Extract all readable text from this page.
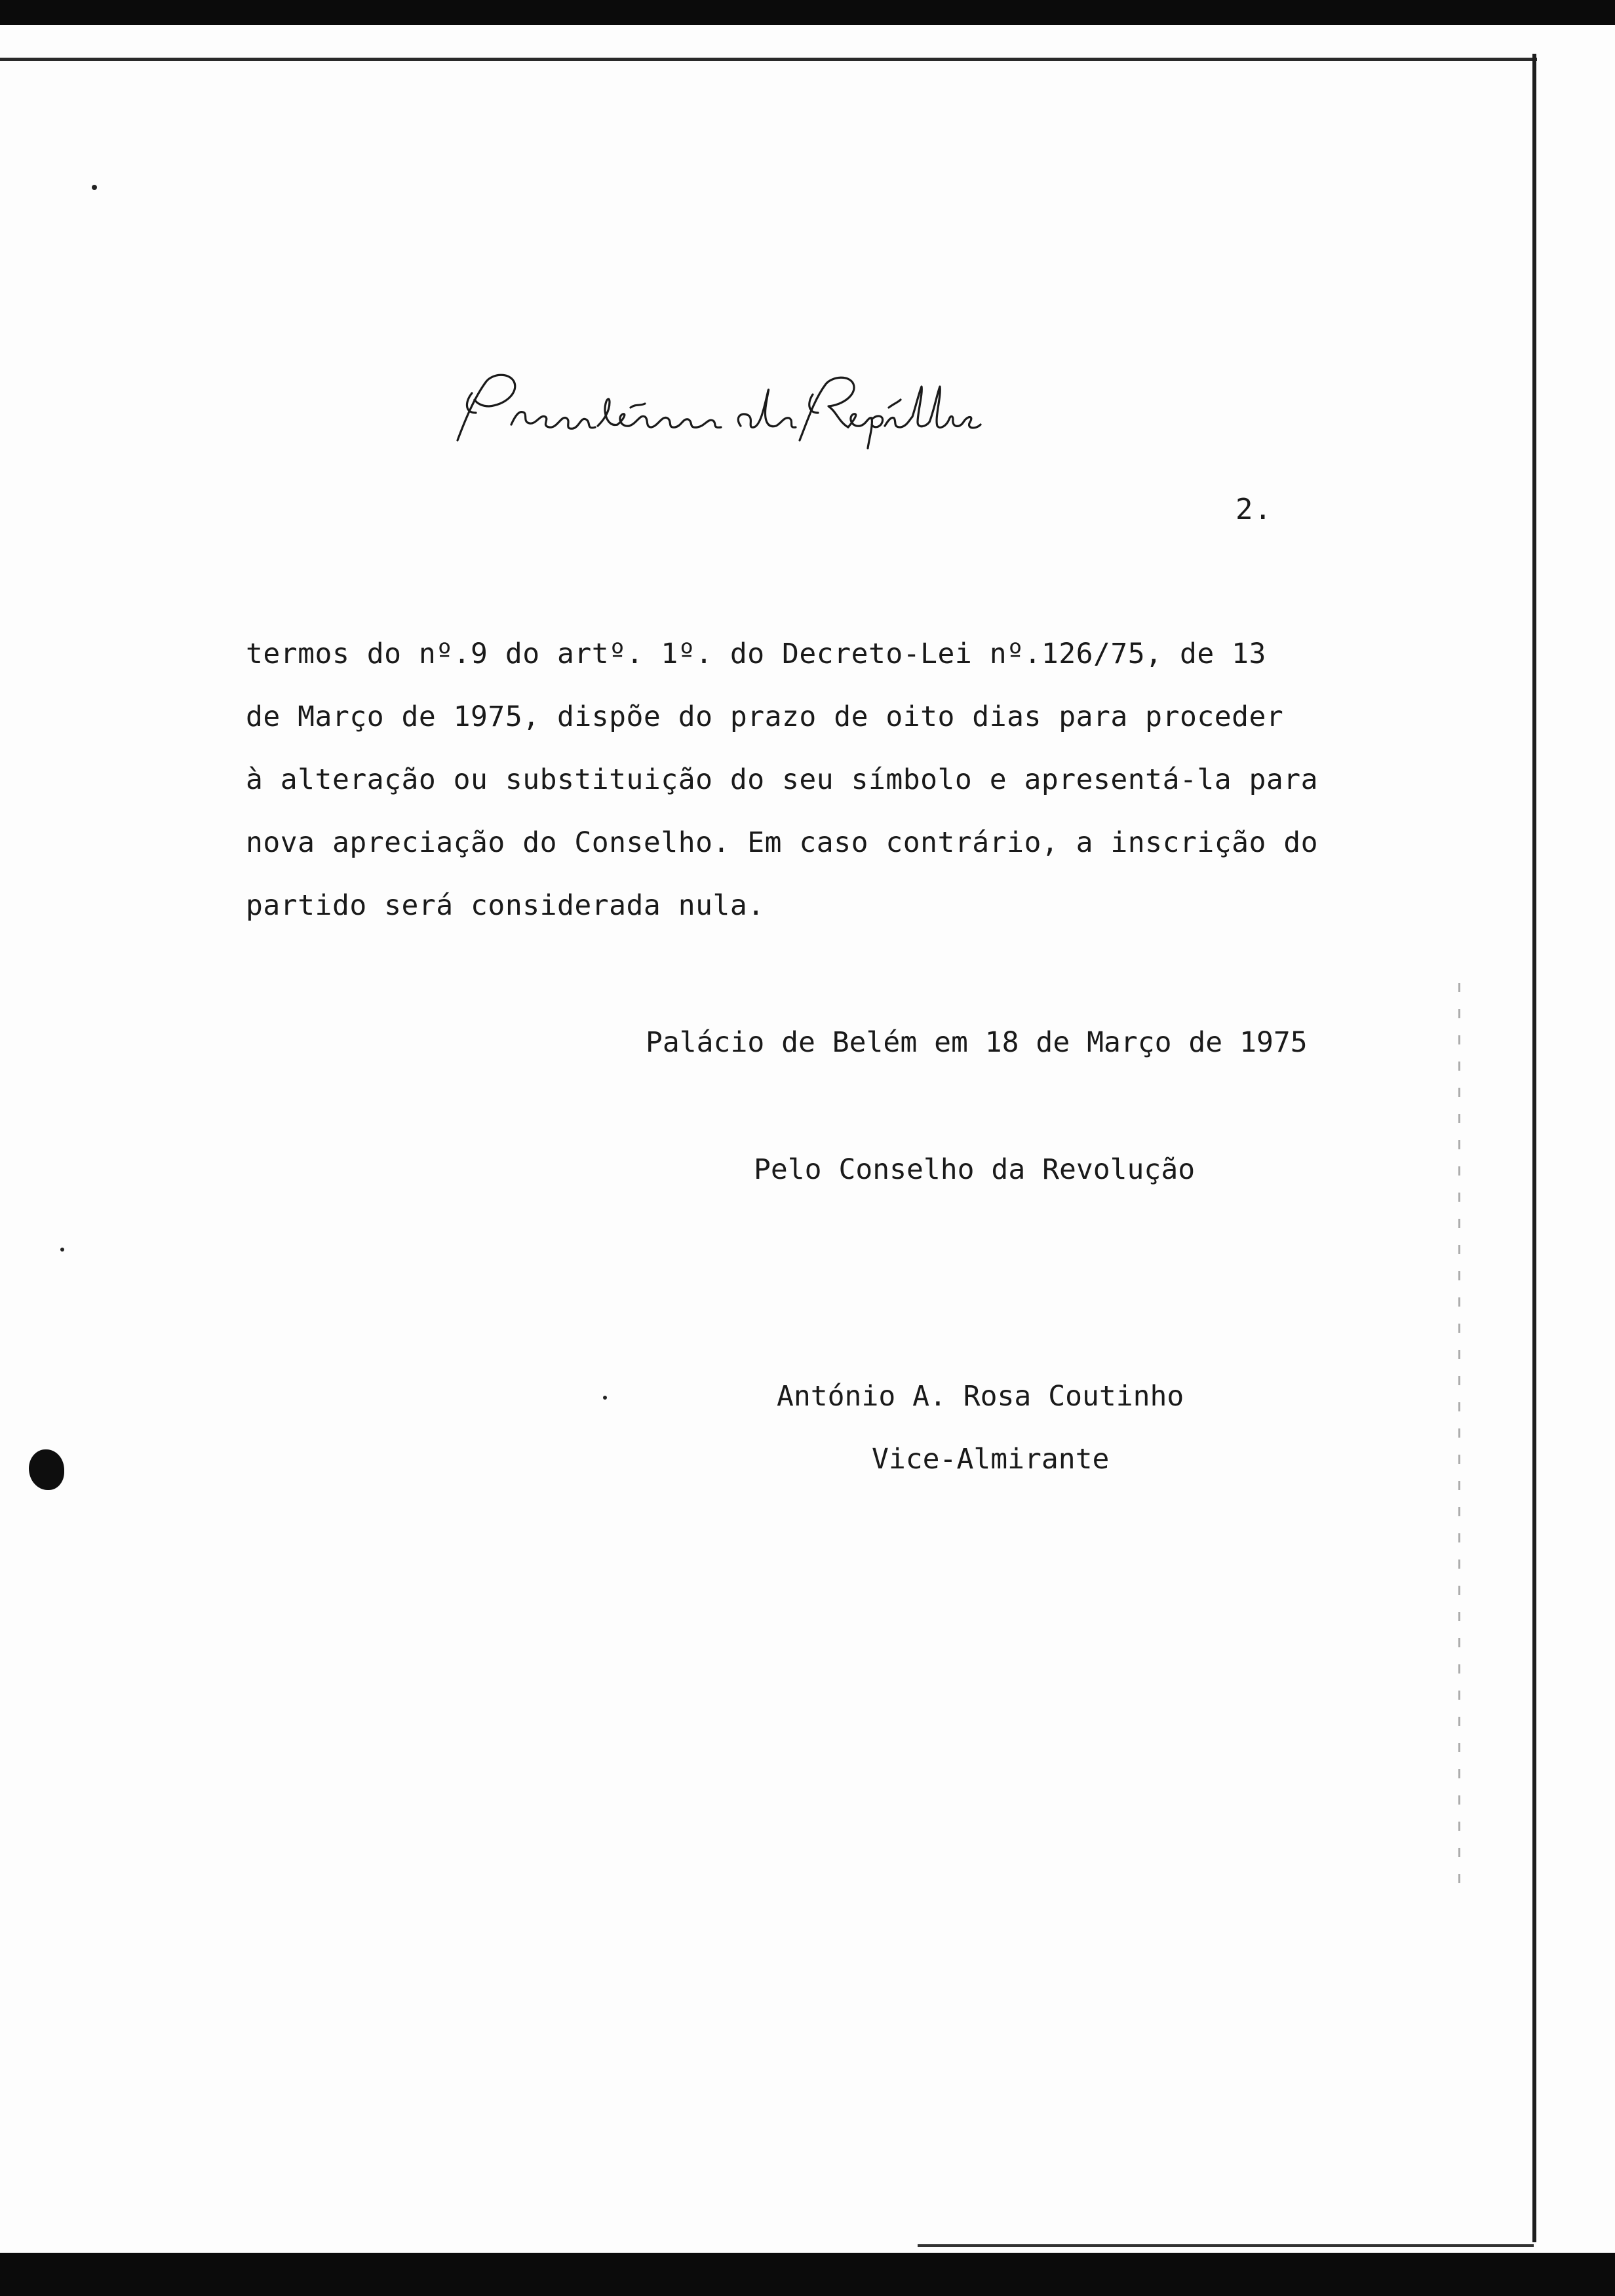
2.
termos do nº.9 do artº. 1º. do Decreto-Lei nº.126/75, de 13
de Março de 1975, dispõe do prazo de oito dias para proceder
à alteração ou substituição do seu símbolo e apresentá-la para
nova apreciação do Conselho. Em caso contrário, a inscrição do
partido será considerada nula.
Palácio de Belém em 18 de Março de 1975
Pelo Conselho da Revolução
António A. Rosa Coutinho
Vice-Almirante
